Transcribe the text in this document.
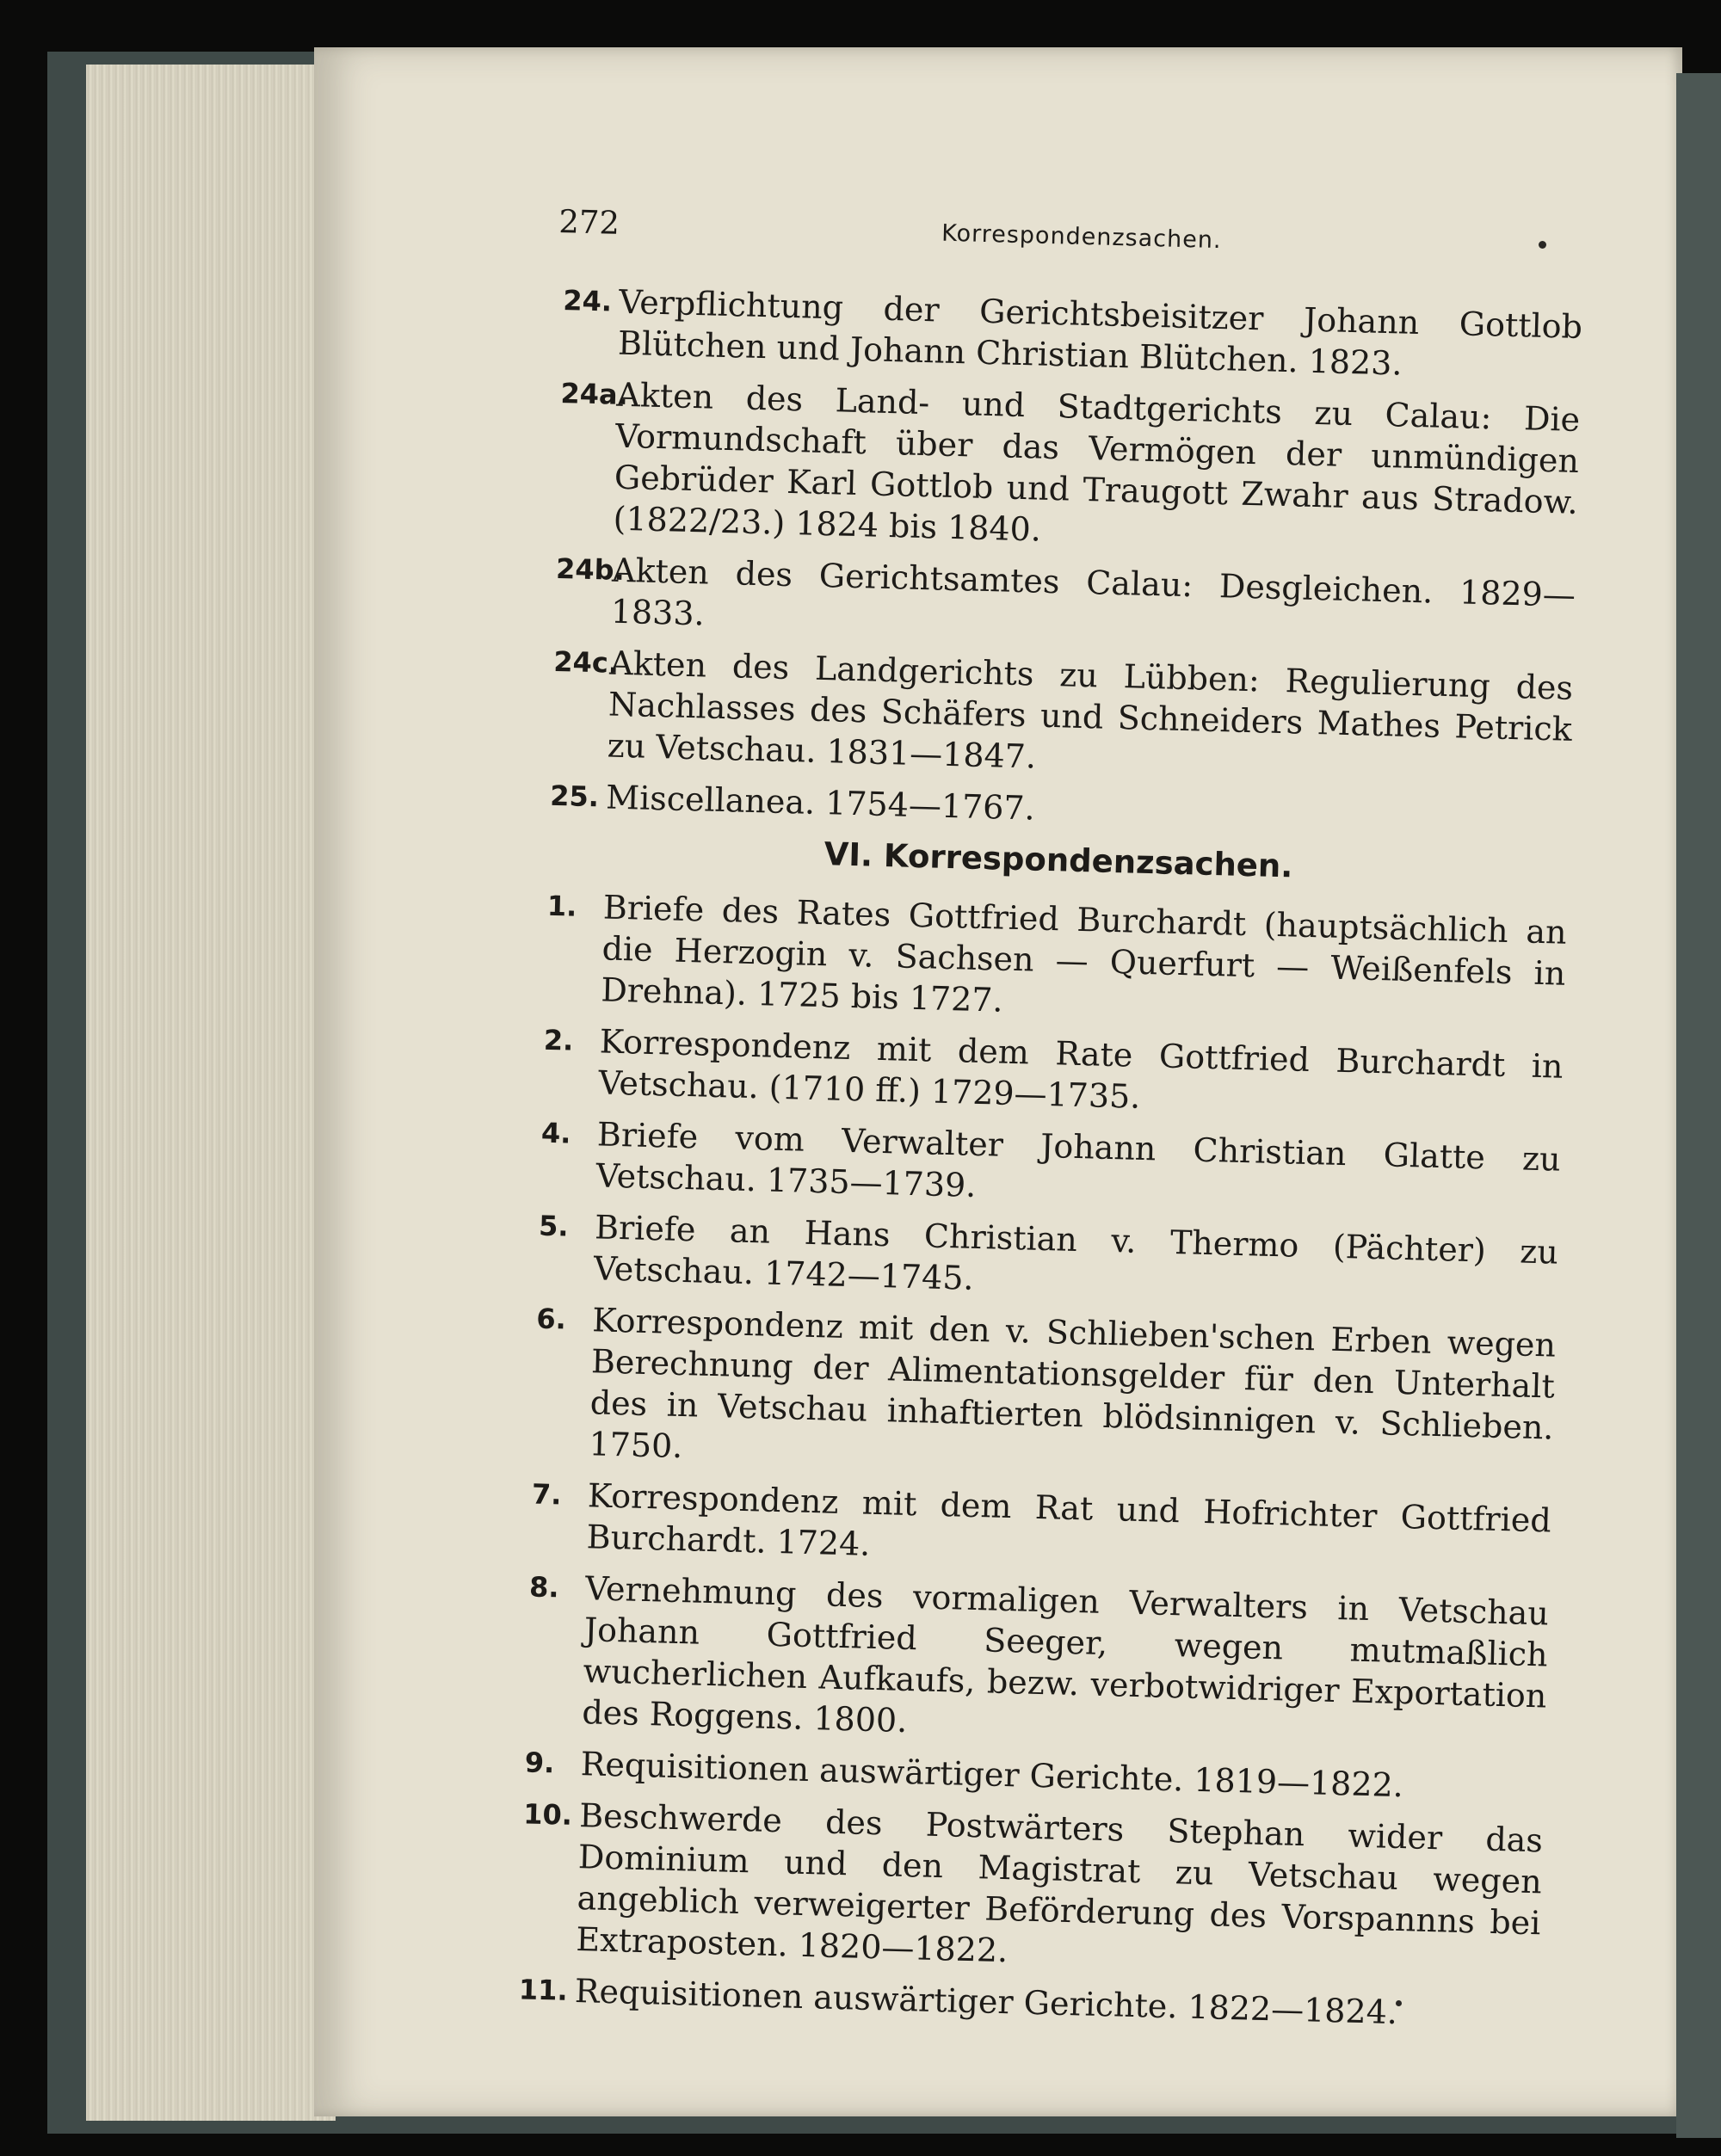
272	Korrespondenzsachen.
24. Verpflichtung der Gerichtsbeisitzer Johann Gottlob Blütchen und Johann Christian Blütchen. 1823.
24a.
Akten des Land- und Stadtgerichts zu Calau: Die Vormundschaft über das Vermögen der unmündigen Gebrüder Karl Gottlob und Traugott Zwahr aus Stradow. (1822/23.) 1824 bis 1840.
24b.
Akten des Gerichtsamtes Calau: Desgleichen. 1829—1833.
24c.
Akten des Landgerichts zu Lübben: Regulierung des Nachlasses des Schäfers und Schneiders Mathes Petrick zu Vetschau. 1831—1847.
25. Miscellanea. 1754—1767.
VI. Korrespondenzsachen.
1. Briefe des Rates Gottfried Burchardt (hauptsächlich an die Herzogin v. Sachsen — Querfurt — Weißenfels in Drehna). 1725 bis 1727.
2. Korrespondenz mit dem Rate Gottfried Burchardt in Vetschau. (1710 ff.) 1729—1735.
4. Briefe vom Verwalter Johann Christian Glatte zu Vetschau. 1735—1739.
5. Briefe an Hans Christian v. Thermo (Pächter) zu Vetschau. 1742—1745.
6. Korrespondenz mit den v. Schlieben'schen Erben wegen Berechnung der Alimentationsgelder für den Unterhalt des in Vetschau inhaftierten blödsinnigen v. Schlieben. 1750.
7. Korrespondenz mit dem Rat und Hofrichter Gottfried Burchardt. 1724.
8. Vernehmung des vormaligen Verwalters in Vetschau Johann Gottfried Seeger, wegen mutmaßlich wucherlichen Aufkaufs, bezw. verbotwidriger Exportation des Roggens. 1800.
9. Requisitionen auswärtiger Gerichte. 1819—1822.
10. Beschwerde des Postwärters Stephan wider das Dominium und den Magistrat zu Vetschau wegen angeblich verweigerter Beförderung des Vorspannns bei Extraposten. 1820—1822.
11. Requisitionen auswärtiger Gerichte. 1822—1824.
